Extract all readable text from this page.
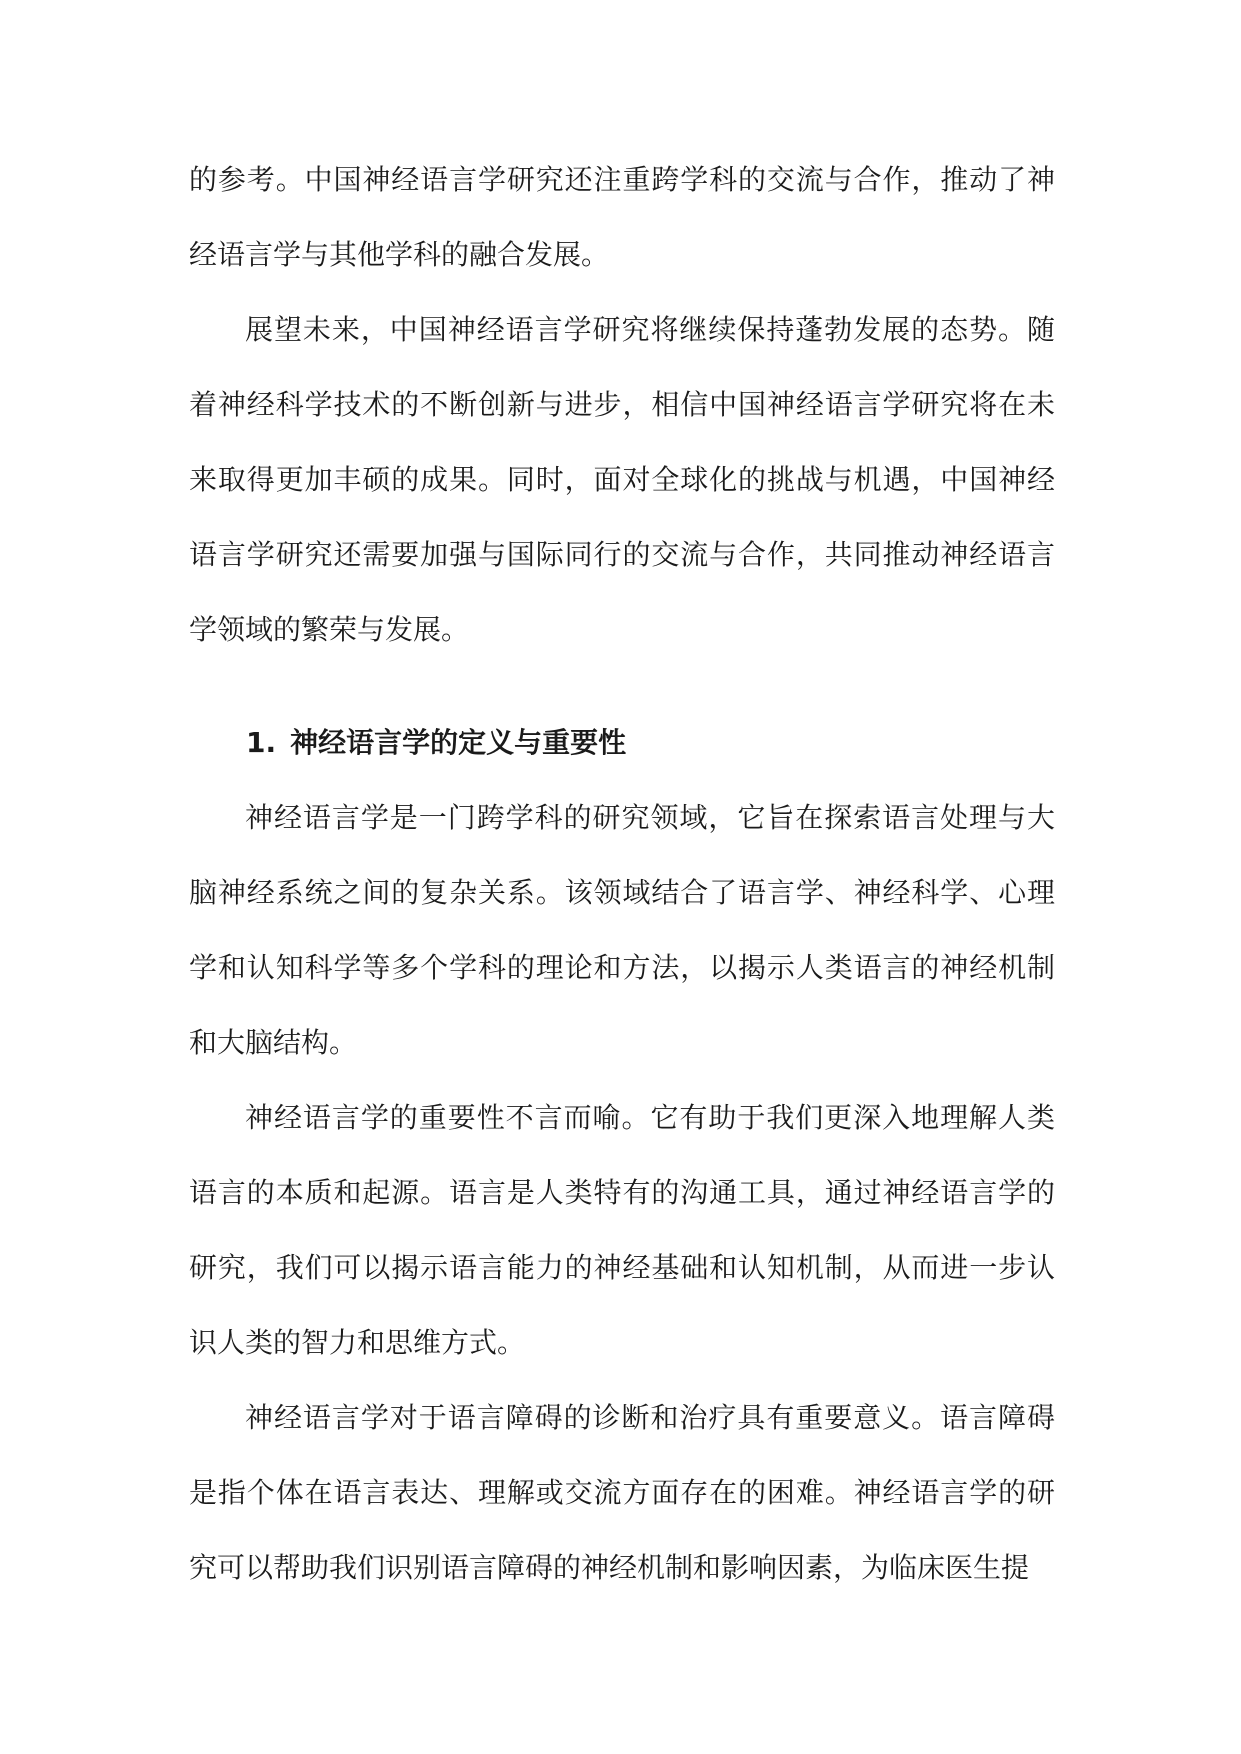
的参考。中国神经语言学研究还注重跨学科的交流与合作，推动了神经语言学与其他学科的融合发展。

展望未来，中国神经语言学研究将继续保持蓬勃发展的态势。随着神经科学技术的不断创新与进步，相信中国神经语言学研究将在未来取得更加丰硕的成果。同时，面对全球化的挑战与机遇，中国神经语言学研究还需要加强与国际同行的交流与合作，共同推动神经语言学领域的繁荣与发展。

1. 神经语言学的定义与重要性

神经语言学是一门跨学科的研究领域，它旨在探索语言处理与大脑神经系统之间的复杂关系。该领域结合了语言学、神经科学、心理学和认知科学等多个学科的理论和方法，以揭示人类语言的神经机制和大脑结构。

神经语言学的重要性不言而喻。它有助于我们更深入地理解人类语言的本质和起源。语言是人类特有的沟通工具，通过神经语言学的研究，我们可以揭示语言能力的神经基础和认知机制，从而进一步认识人类的智力和思维方式。

神经语言学对于语言障碍的诊断和治疗具有重要意义。语言障碍是指个体在语言表达、理解或交流方面存在的困难。神经语言学的研究可以帮助我们识别语言障碍的神经机制和影响因素，为临床医生提
